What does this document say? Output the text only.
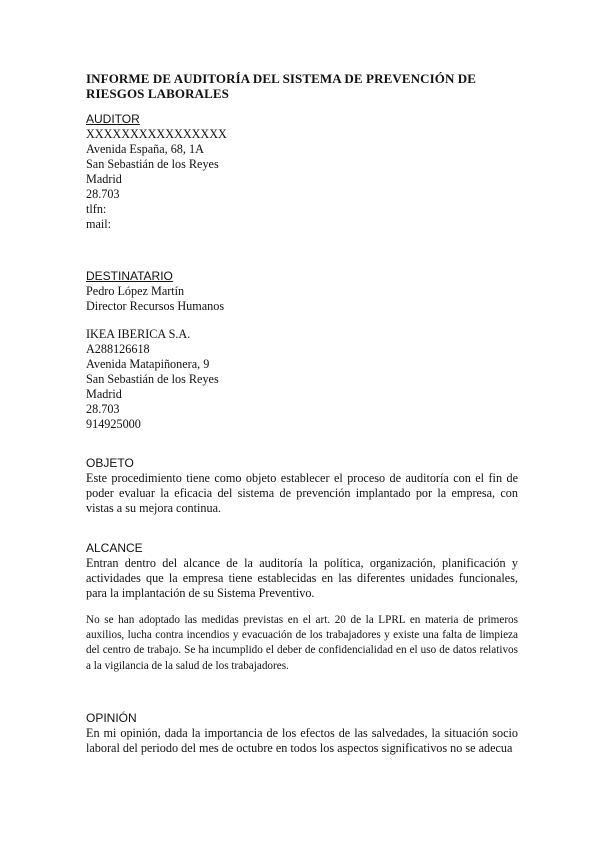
INFORME DE AUDITORÍA DEL SISTEMA DE PREVENCIÓN DE RIESGOS LABORALES
AUDITOR
XXXXXXXXXXXXXXXX
Avenida España, 68, 1A
San Sebastián de los Reyes
Madrid
28.703
tlfn:
mail:
DESTINATARIO
Pedro López Martín
Director Recursos Humanos
IKEA IBERICA S.A.
A288126618
Avenida Matapiñonera, 9
San Sebastián de los Reyes
Madrid
28.703
914925000
OBJETO
Este procedimiento tiene como objeto establecer el proceso de auditoría con el fin de poder evaluar la eficacia del sistema de prevención implantado por la empresa, con vistas a su mejora continua.
ALCANCE
Entran dentro del alcance de la auditoría la política, organización, planificación y actividades que la empresa tiene establecidas en las diferentes unidades funcionales, para la implantación de su Sistema Preventivo.
No se han adoptado las medidas previstas en el art. 20 de la LPRL en materia de primeros auxilios, lucha contra incendios y evacuación de los trabajadores y existe una falta de limpieza del centro de trabajo. Se ha incumplido el deber de confidencialidad en el uso de datos relativos a la vigilancia de la salud de los trabajadores.
OPINIÓN
En mi opinión, dada la importancia de los efectos de las salvedades, la situación socio laboral del periodo del mes de octubre en todos los aspectos significativos no se adecua
